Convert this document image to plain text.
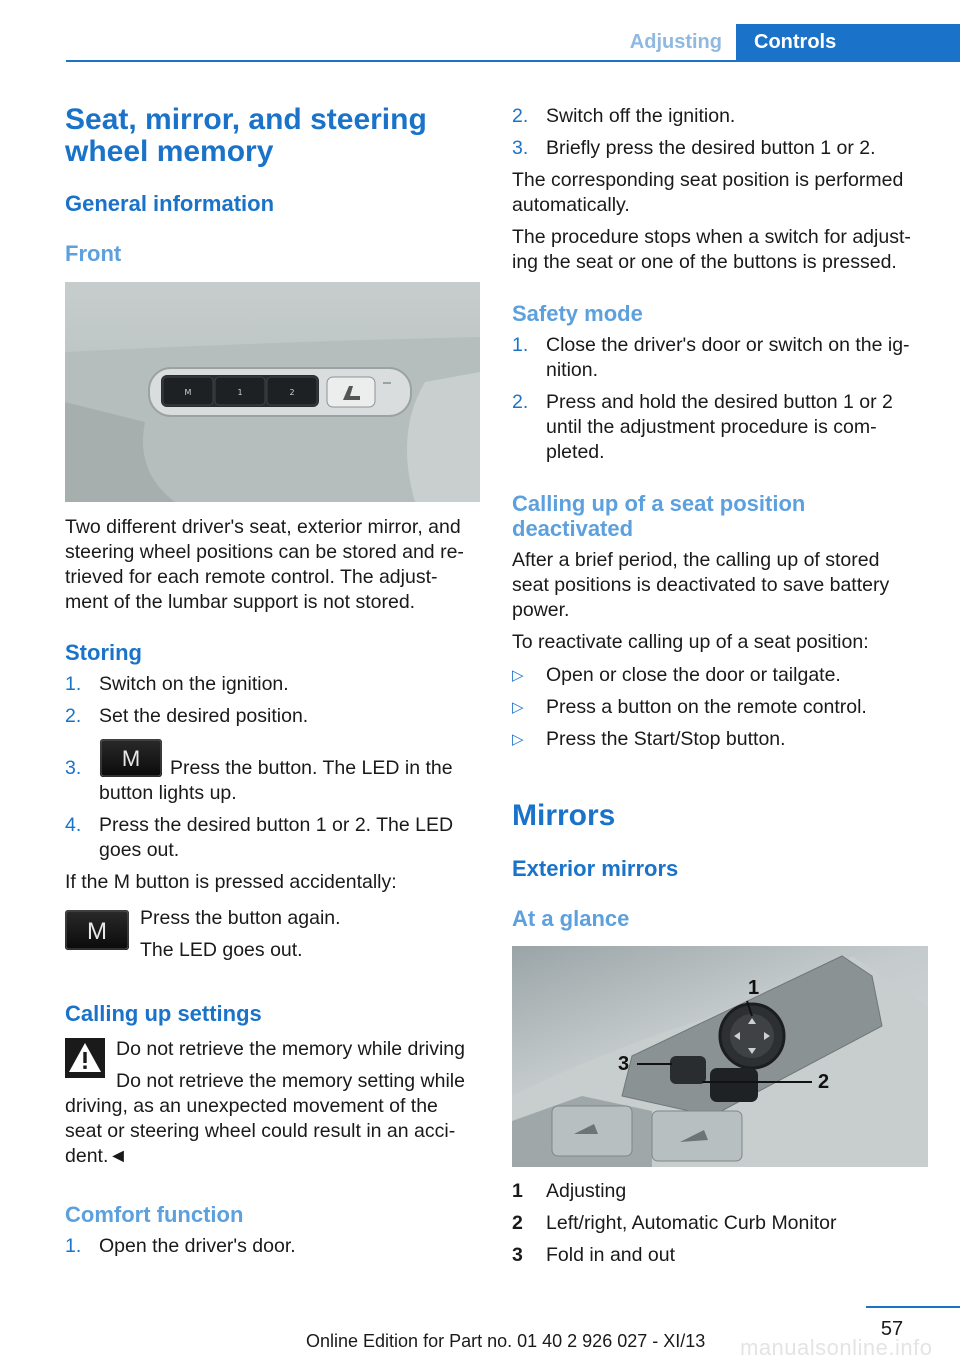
Adjusting	Controls
Seat, mirror, and steering
wheel memory
General information
Front
M	1	2
Two different driver's seat, exterior mirror, and
steering wheel positions can be stored and re‐
trieved for each remote control. The adjust‐
ment of the lumbar support is not stored.
Storing
1. Switch on the ignition.
2. Set the desired position.
3. M Press the button. The LED in the
button lights up.
4. Press the desired button 1 or 2. The LED
goes out.
If the M button is pressed accidentally:
M Press the button again.
The LED goes out.
Calling up settings
Do not retrieve the memory while driving
Do not retrieve the memory setting while
driving, as an unexpected movement of the
seat or steering wheel could result in an acci‐
dent.◄
Comfort function
1. Open the driver's door.
2. Switch off the ignition.
3. Briefly press the desired button 1 or 2.
The corresponding seat position is performed
automatically.
The procedure stops when a switch for adjust‐
ing the seat or one of the buttons is pressed.
Safety mode
1. Close the driver's door or switch on the ig‐
nition.
2. Press and hold the desired button 1 or 2
until the adjustment procedure is com‐
pleted.
Calling up of a seat position
deactivated
After a brief period, the calling up of stored
seat positions is deactivated to save battery
power.
To reactivate calling up of a seat position:
▷ Open or close the door or tailgate.
▷ Press a button on the remote control.
▷ Press the Start/Stop button.
Mirrors
Exterior mirrors
At a glance
1
2
3
1 Adjusting
2 Left/right, Automatic Curb Monitor
3 Fold in and out
57
manualsonline.info
Online Edition for Part no. 01 40 2 926 027 - XI/13
